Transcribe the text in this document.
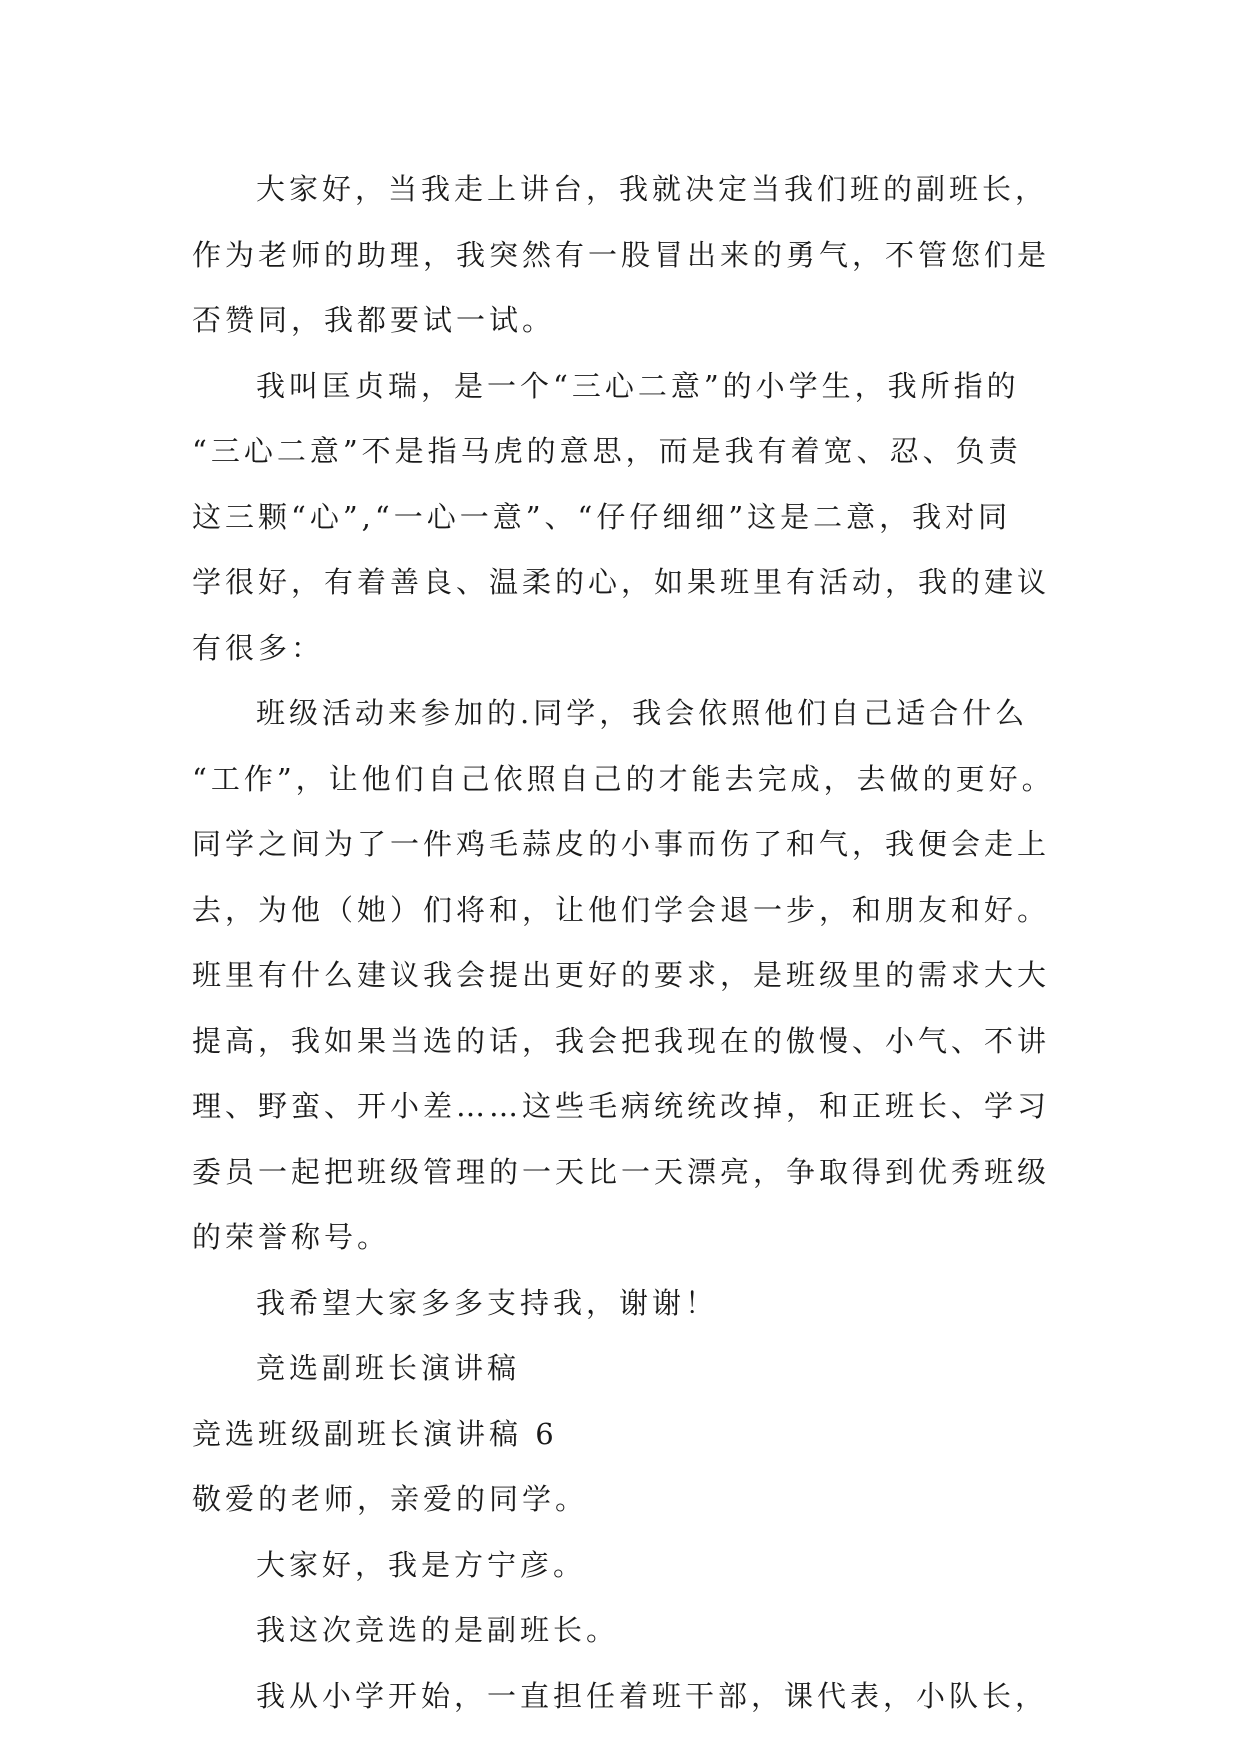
大家好，当我走上讲台，我就决定当我们班的副班长，
作为老师的助理，我突然有一股冒出来的勇气，不管您们是
否赞同，我都要试一试。
我叫匡贞瑞，是一个“三心二意”的小学生，我所指的
“三心二意”不是指马虎的意思，而是我有着宽、忍、负责
这三颗“心”,“一心一意”、“仔仔细细”这是二意，我对同
学很好，有着善良、温柔的心，如果班里有活动，我的建议
有很多：
班级活动来参加的.同学，我会依照他们自己适合什么
“工作”，让他们自己依照自己的才能去完成，去做的更好。
同学之间为了一件鸡毛蒜皮的小事而伤了和气，我便会走上
去，为他（她）们将和，让他们学会退一步，和朋友和好。
班里有什么建议我会提出更好的要求，是班级里的需求大大
提高，我如果当选的话，我会把我现在的傲慢、小气、不讲
理、野蛮、开小差……这些毛病统统改掉，和正班长、学习
委员一起把班级管理的一天比一天漂亮，争取得到优秀班级
的荣誉称号。
我希望大家多多支持我，谢谢！
竞选副班长演讲稿
竞选班级副班长演讲稿 6
敬爱的老师，亲爱的同学。
大家好，我是方宁彦。
我这次竞选的是副班长。
我从小学开始，一直担任着班干部，课代表，小队长，
